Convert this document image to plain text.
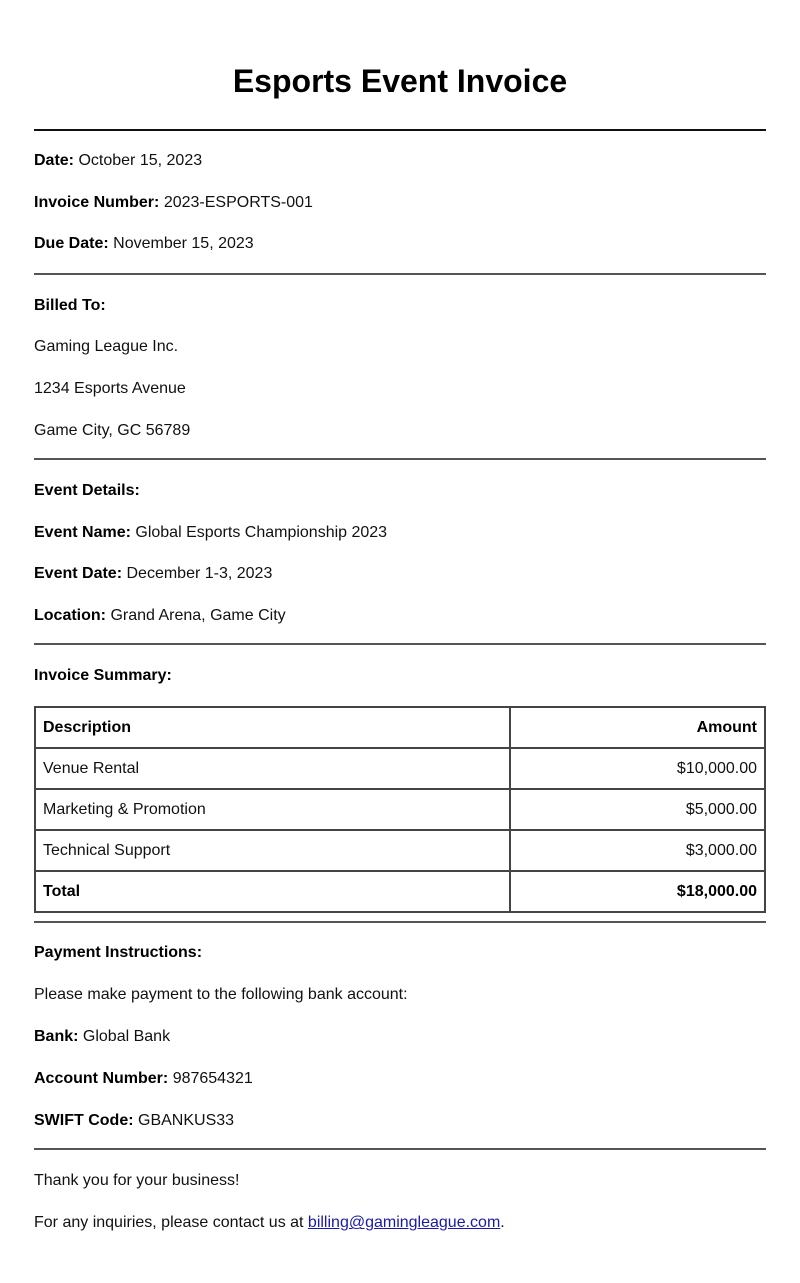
Esports Event Invoice

Date: October 15, 2023

Invoice Number: 2023-ESPORTS-001

Due Date: November 15, 2023

Billed To:

Gaming League Inc.

1234 Esports Avenue

Game City, GC 56789

Event Details:

Event Name: Global Esports Championship 2023

Event Date: December 1-3, 2023

Location: Grand Arena, Game City

Invoice Summary:

Description	Amount
Venue Rental	$10,000.00
Marketing & Promotion	$5,000.00
Technical Support	$3,000.00
Total	$18,000.00

Payment Instructions:

Please make payment to the following bank account:

Bank: Global Bank

Account Number: 987654321

SWIFT Code: GBANKUS33

Thank you for your business!

For any inquiries, please contact us at billing@gamingleague.com.
